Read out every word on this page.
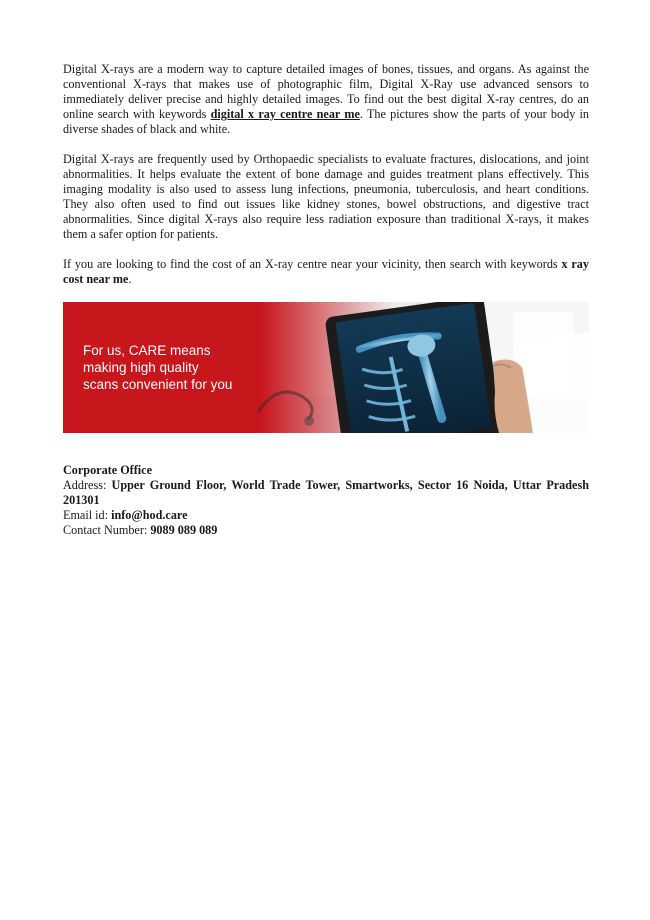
Digital X-rays are a modern way to capture detailed images of bones, tissues, and organs. As against the conventional X-rays that makes use of photographic film, Digital X-Ray use advanced sensors to immediately deliver precise and highly detailed images. To find out the best digital X-ray centres, do an online search with keywords digital x ray centre near me. The pictures show the parts of your body in diverse shades of black and white.

Digital X-rays are frequently used by Orthopaedic specialists to evaluate fractures, dislocations, and joint abnormalities. It helps evaluate the extent of bone damage and guides treatment plans effectively. This imaging modality is also used to assess lung infections, pneumonia, tuberculosis, and heart conditions. They also often used to find out issues like kidney stones, bowel obstructions, and digestive tract abnormalities. Since digital X-rays also require less radiation exposure than traditional X-rays, it makes them a safer option for patients.

If you are looking to find the cost of an X-ray centre near your vicinity, then search with keywords x ray cost near me.

For us, CARE means
making high quality
scans convenient for you
Corporate Office
Address: Upper Ground Floor, World Trade Tower, Smartworks, Sector 16 Noida, Uttar Pradesh 201301
Email id: info@hod.care
Contact Number: 9089 089 089
